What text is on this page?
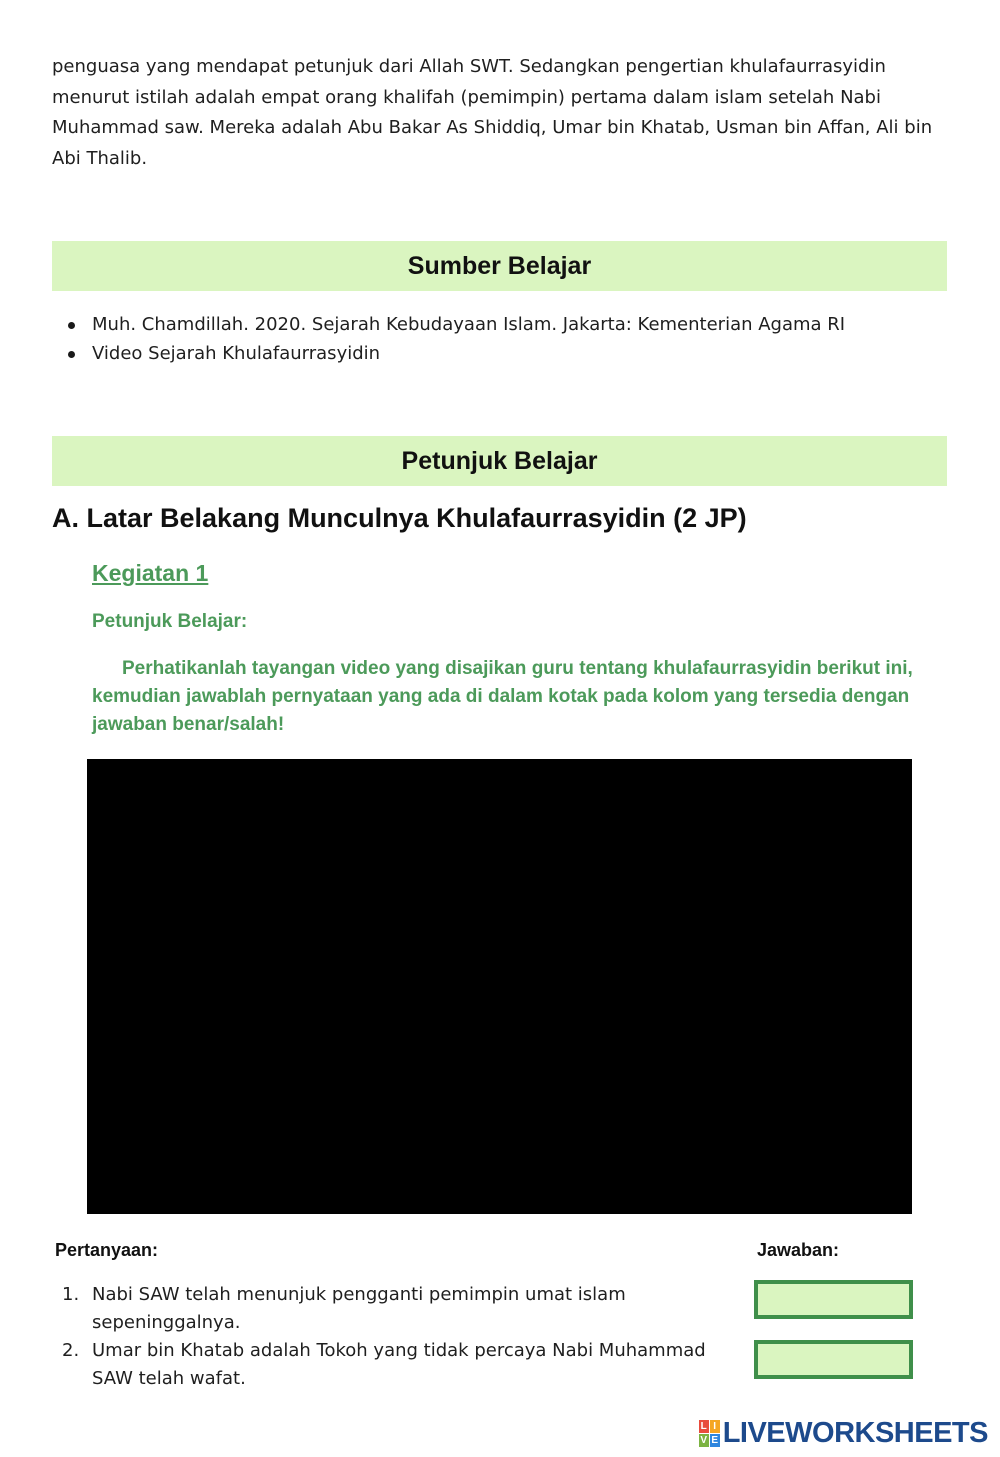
penguasa yang mendapat petunjuk dari Allah SWT. Sedangkan pengertian khulafaurrasyidin menurut istilah adalah empat orang khalifah (pemimpin) pertama dalam islam setelah Nabi Muhammad saw. Mereka adalah Abu Bakar As Shiddiq, Umar bin Khatab, Usman bin Affan, Ali bin Abi Thalib.

Sumber Belajar
Muh. Chamdillah. 2020. Sejarah Kebudayaan Islam. Jakarta: Kementerian Agama RI
Video Sejarah Khulafaurrasyidin
Petunjuk Belajar
A. Latar Belakang Munculnya Khulafaurrasyidin (2 JP)
Kegiatan 1
Petunjuk Belajar:

Perhatikanlah tayangan video yang disajikan guru tentang khulafaurrasyidin berikut ini, kemudian jawablah pernyataan yang ada di dalam kotak pada kolom yang tersedia dengan jawaban benar/salah!

Pertanyaan:	Jawaban:
1. Nabi SAW telah menunjuk pengganti pemimpin umat islam sepeninggalnya.
2. Umar bin Khatab adalah Tokoh yang tidak percaya Nabi Muhammad SAW telah wafat.
L I
V E LIVEWORKSHEETS
